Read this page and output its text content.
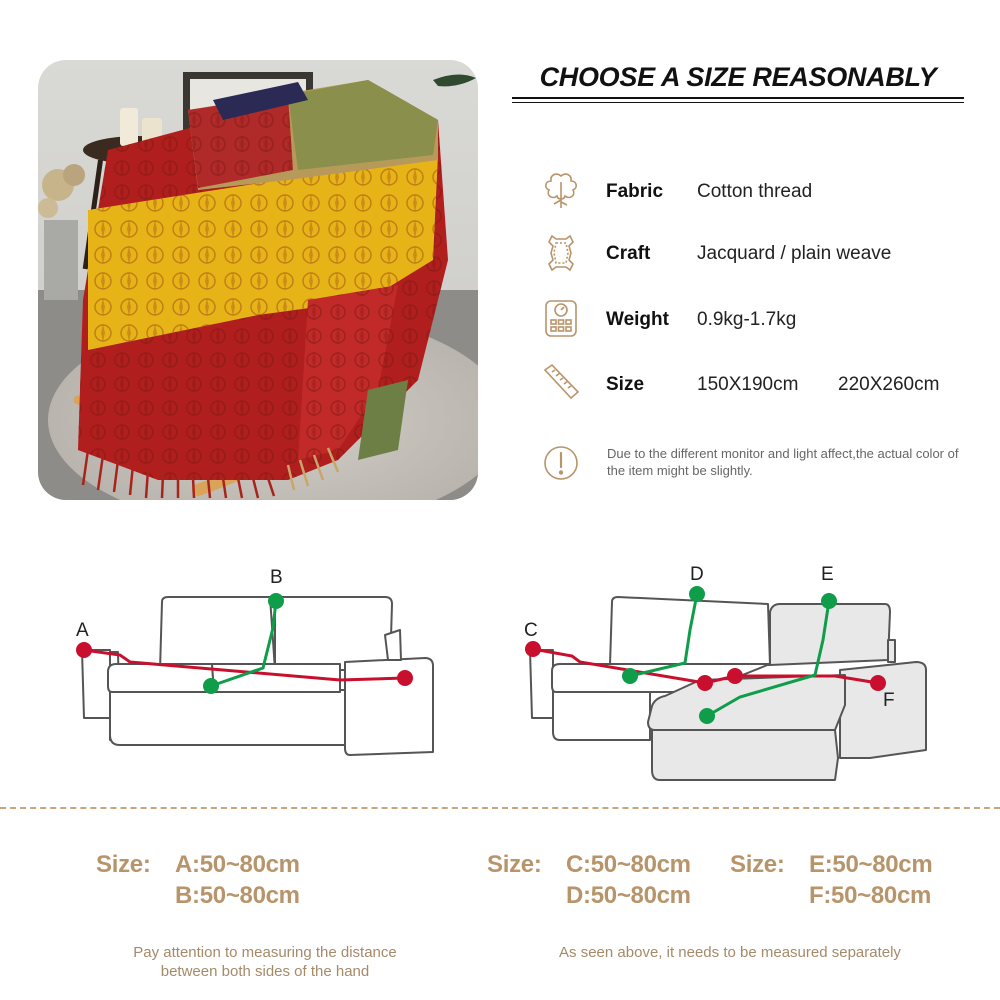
CHOOSE A SIZE REASONABLY
Fabric Cotton thread
Craft Jacquard / plain weave
Weight 0.9kg-1.7kg
Size	150X190cm 220X260cm
Due to the different monitor and light affect,the actual color of the item might be slightly.
A
B
C
D	E
F
Size: A:50~80cm
B:50~80cm
Size: C:50~80cm
D:50~80cm
Size: E:50~80cm
F:50~80cm
Pay attention to measuring the distance
between both sides of the hand
As seen above, it needs to be measured separately
